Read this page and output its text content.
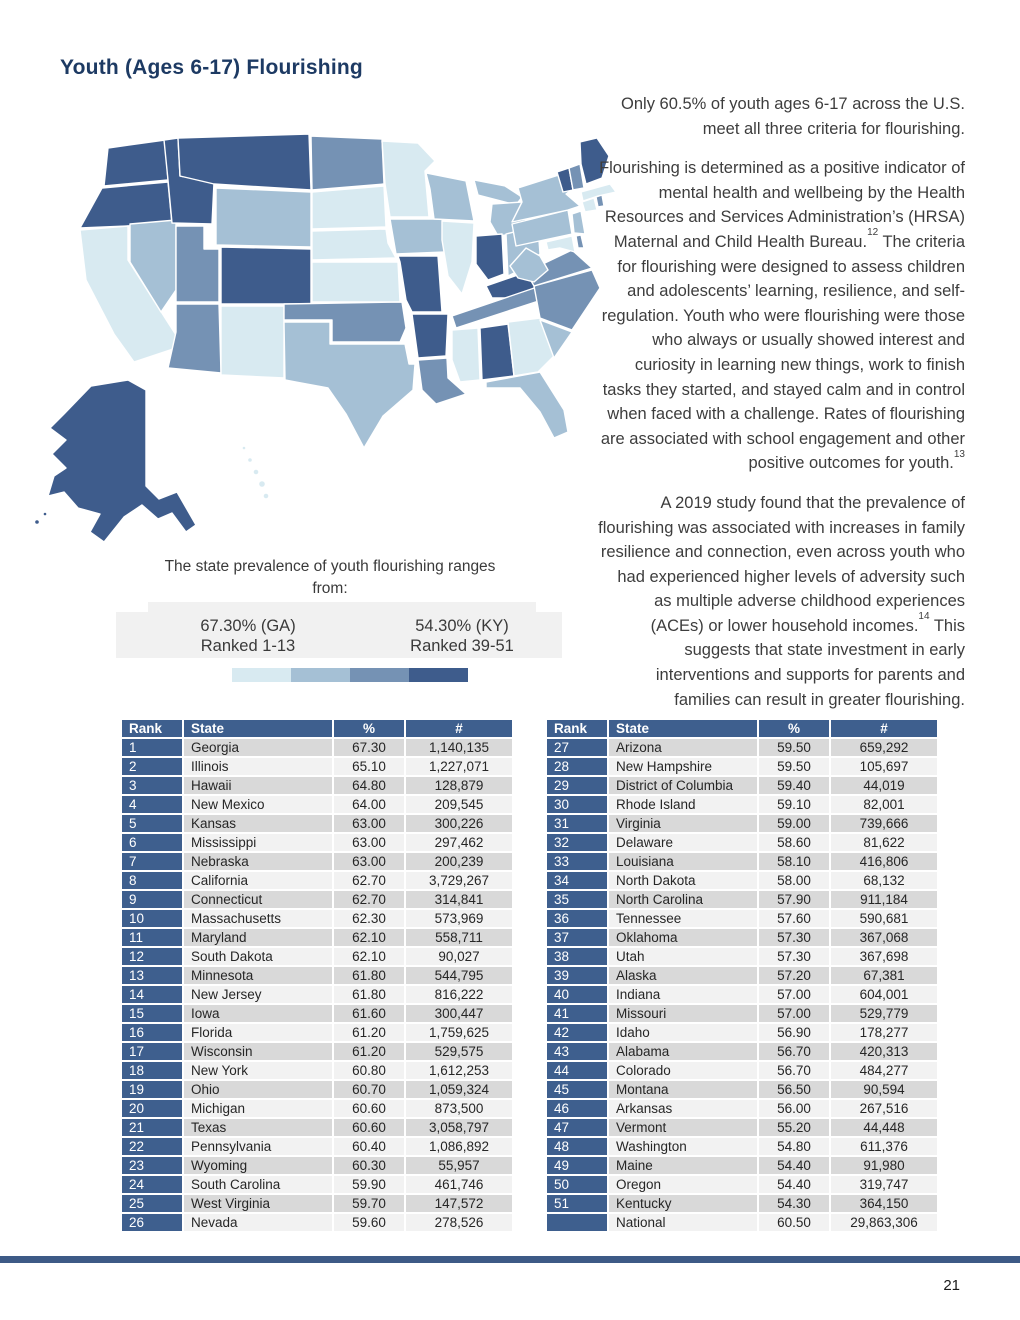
Youth (Ages 6-17) Flourishing

Only 60.5% of youth ages 6-17 across the U.S. meet all three criteria for flourishing.

Flourishing is determined as a positive indicator of mental health and wellbeing by the Health Resources and Services Administration’s (HRSA) Maternal and Child Health Bureau.$^{12}$ The criteria for flourishing were designed to assess children and adolescents’ learning, resilience, and self-regulation. Youth who were flourishing were those who always or usually showed interest and curiosity in learning new things, work to finish tasks they started, and stayed calm and in control when faced with a challenge. Rates of flourishing are associated with school engagement and other positive outcomes for youth.$^{13}$

A 2019 study found that the prevalence of flourishing was associated with increases in family resilience and connection, even across youth who had experienced higher levels of adversity such as multiple adverse childhood experiences (ACEs) or lower household incomes.$^{14}$ This suggests that state investment in early interventions and supports for parents and families can result in greater flourishing.

The state prevalence of youth flourishing ranges
from:
67.30% (GA)
Ranked 1-13
54.30% (KY)
Ranked 39-51

Rank	State	%	#
1	Georgia	67.30	1,140,135
2	Illinois	65.10	1,227,071
3	Hawaii	64.80	128,879
4	New Mexico	64.00	209,545
5	Kansas	63.00	300,226
6	Mississippi	63.00	297,462
7	Nebraska	63.00	200,239
8	California	62.70	3,729,267
9	Connecticut	62.70	314,841
10	Massachusetts	62.30	573,969
11	Maryland	62.10	558,711
12	South Dakota	62.10	90,027
13	Minnesota	61.80	544,795
14	New Jersey	61.80	816,222
15	Iowa	61.60	300,447
16	Florida	61.20	1,759,625
17	Wisconsin	61.20	529,575
18	New York	60.80	1,612,253
19	Ohio	60.70	1,059,324
20	Michigan	60.60	873,500
21	Texas	60.60	3,058,797
22	Pennsylvania	60.40	1,086,892
23	Wyoming	60.30	55,957
24	South Carolina	59.90	461,746
25	West Virginia	59.70	147,572
26	Nevada	59.60	278,526
Rank	State	%	#
27	Arizona	59.50	659,292
28	New Hampshire	59.50	105,697
29	District of Columbia	59.40	44,019
30	Rhode Island	59.10	82,001
31	Virginia	59.00	739,666
32	Delaware	58.60	81,622
33	Louisiana	58.10	416,806
34	North Dakota	58.00	68,132
35	North Carolina	57.90	911,184
36	Tennessee	57.60	590,681
37	Oklahoma	57.30	367,068
38	Utah	57.30	367,698
39	Alaska	57.20	67,381
40	Indiana	57.00	604,001
41	Missouri	57.00	529,779
42	Idaho	56.90	178,277
43	Alabama	56.70	420,313
44	Colorado	56.70	484,277
45	Montana	56.50	90,594
46	Arkansas	56.00	267,516
47	Vermont	55.20	44,448
48	Washington	54.80	611,376
49	Maine	54.40	91,980
50	Oregon	54.40	319,747
51	Kentucky	54.30	364,150
	National	60.50	29,863,306
21
